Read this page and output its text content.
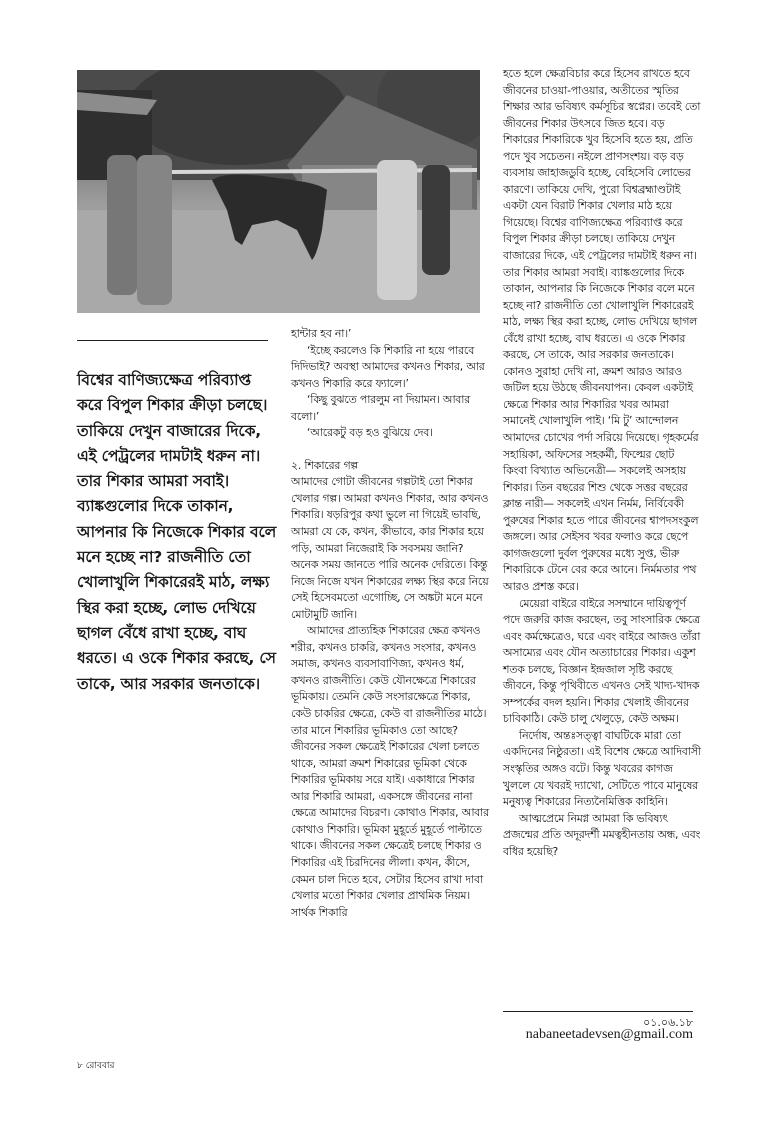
বিশ্বের বাণিজ্যক্ষেত্র পরিব্যাপ্ত করে বিপুল শিকার ক্রীড়া চলছে। তাকিয়ে দেখুন বাজারের দিকে, এই পেট্রলের দামটাই ধরুন না। তার শিকার আমরা সবাই। ব্যাঙ্কগুলোর দিকে তাকান, আপনার কি নিজেকে শিকার বলে মনে হচ্ছে না? রাজনীতি তো খোলাখুলি শিকারেরই মাঠ, লক্ষ্য স্থির করা হচ্ছে, লোভ দেখিয়ে ছাগল বেঁধে রাখা হচ্ছে, বাঘ ধরতে। এ ওকে শিকার করছে, সে তাকে, আর সরকার জনতাকে।

হান্টার হব না।’

‘ইচ্ছে করলেও কি শিকারি না হয়ে পারবে দিদিভাই? অবস্থা আমাদের কখনও শিকার, আর কখনও শিকারি করে ফ্যালে।’

‘কিছু বুঝতে পারলুম না দিয়ামন। আবার বলো।’

‘আরেকটু বড় হও বুঝিয়ে দেব।

২. শিকারের গল্প

আমাদের গোটা জীবনের গল্পটাই তো শিকার খেলার গল্প। আমরা কখনও শিকার, আর কখনও শিকারি। ষড়রিপুর কথা ভুলে না গিয়েই ভাবছি, আমরা যে কে, কখন, কীভাবে, কার শিকার হয়ে পড়ি, আমরা নিজেরাই কি সবসময় জানি? অনেক সময় জানতে পারি অনেক দেরিতে। কিন্তু নিজে নিজে যখন শিকারের লক্ষ্য স্থির করে নিয়ে সেই হিসেবমতো এগোচ্ছি, সে অঙ্কটা মনে মনে মোটামুটি জানি।

আমাদের প্রাত্যহিক শিকারের ক্ষেত্র কখনও শরীর, কখনও চাকরি, কখনও সংসার, কখনও সমাজ, কখনও ব্যবসাবাণিজ্য, কখনও ধর্ম, কখনও রাজনীতি। কেউ যৌনক্ষেত্রে শিকারের ভূমিকায়। তেমনি কেউ সংসারক্ষেত্রে শিকার, কেউ চাকরির ক্ষেত্রে, কেউ বা রাজনীতির মাঠে। তার মানে শিকারির ভূমিকাও তো আছে? জীবনের সকল ক্ষেত্রেই শিকারের খেলা চলতে থাকে, আমরা ক্রমশ শিকারের ভূমিকা থেকে শিকারির ভূমিকায় সরে যাই। একাধারে শিকার আর শিকারি আমরা, একসঙ্গে জীবনের নানা ক্ষেত্রে আমাদের বিচরণ। কোথাও শিকার, আবার কোথাও শিকারি। ভূমিকা মুহূর্তে মুহূর্তে পাল্টাতে থাকে। জীবনের সকল ক্ষেত্রেই চলছে শিকার ও শিকারির এই চিরদিনের লীলা। কখন, কীসে, কেমন চাল দিতে হবে, সেটার হিসেব রাখা দাবা খেলার মতো শিকার খেলার প্রাথমিক নিয়ম। সার্থক শিকারি

হতে হলে ক্ষেত্রবিচার করে হিসেব রাখতে হবে জীবনের চাওয়া-পাওয়ার, অতীতের স্মৃতির শিক্ষার আর ভবিষ্যৎ কর্মসূচির স্বপ্নের। তবেই তো জীবনের শিকার উৎসবে জিত হবে। বড় শিকারের শিকারিকে খুব হিসেবি হতে হয়, প্রতি পদে খুব সচেতন। নইলে প্রাণসংশয়। বড় বড় ব্যবসায় জাহাজডুবি হচ্ছে, বেহিসেবি লোভের কারণে। তাকিয়ে দেখি, পুরো বিশ্বব্রহ্মাণ্ডটাই একটা যেন বিরাট শিকার খেলার মাঠ হয়ে গিয়েছে। বিশ্বের বাণিজ্যক্ষেত্র পরিব্যাপ্ত করে বিপুল শিকার ক্রীড়া চলছে। তাকিয়ে দেখুন বাজারের দিকে, এই পেট্রলের দামটাই ধরুন না। তার শিকার আমরা সবাই। ব্যাঙ্কগুলোর দিকে তাকান, আপনার কি নিজেকে শিকার বলে মনে হচ্ছে না? রাজনীতি তো খোলাখুলি শিকারেরই মাঠ, লক্ষ্য স্থির করা হচ্ছে, লোভ দেখিয়ে ছাগল বেঁধে রাখা হচ্ছে, বাঘ ধরতে। এ ওকে শিকার করছে, সে তাকে, আর সরকার জনতাকে। কোনও সুরাহা দেখি না, ক্রমশ আরও আরও জটিল হয়ে উঠছে জীবনযাপন। কেবল একটাই ক্ষেত্রে শিকার আর শিকারির খবর আমরা সমানেই খোলাখুলি পাই। ‘মি টু’ আন্দোলন আমাদের চোখের পর্দা সরিয়ে দিয়েছে। গৃহকর্মের সহায়িকা, অফিসের সহকর্মী, ফিল্মের ছোট কিংবা বিখ্যাত অভিনেত্রী— সকলেই অসহায় শিকার। তিন বছরের শিশু থেকে সত্তর বছরের ক্লান্ত নারী— সকলেই এখন নির্মম, নির্বিবেকী পুরুষের শিকার হতে পারে জীবনের শ্বাপদসংকুল জঙ্গলে। আর সেইসব খবর ফলাও করে ছেপে কাগজগুলো দুর্বল পুরুষের মধ্যে সুপ্ত, ভীরু শিকারিকে টেনে বের করে আনে। নির্মমতার পথ আরও প্রশস্ত করে।

মেয়েরা বাইরে বাইরে সসম্মানে দায়িত্বপূর্ণ পদে জরুরি কাজ করছেন, তবু সাংসারিক ক্ষেত্রে এবং কর্মক্ষেত্রেও, ঘরে এবং বাইরে আজও তাঁরা অসাম্যের এবং যৌন অত্যাচারের শিকার। একুশ শতক চলছে, বিজ্ঞান ইন্দ্রজাল সৃষ্টি করছে জীবনে, কিন্তু পৃথিবীতে এখনও সেই খাদ্য-খাদক সম্পর্কের বদল হয়নি। শিকার খেলাই জীবনের চাবিকাঠি। কেউ চালু খেলুড়ে, কেউ অক্ষম।

নির্দোষ, অন্তঃসত্ত্বা বাঘটিকে মারা তো একদিনের নিষ্ঠুরতা। এই বিশেষ ক্ষেত্রে আদিবাসী সংস্কৃতির অঙ্গও বটে। কিন্তু খবরের কাগজ খুললে যে খবরই দ্যাখো, সেটিতে পাবে মানুষের মনুষ্যত্ব শিকারের নিত্যনৈমিত্তিক কাহিনি।

আত্মপ্রেমে নিমগ্ন আমরা কি ভবিষ্যৎ প্রজন্মের প্রতি অদূরদর্শী মমত্বহীনতায় অন্ধ, এবং বধির হয়েছি?

০১.০৬.১৮
nabaneetadevsen@gmail.com
৮ রোববার
